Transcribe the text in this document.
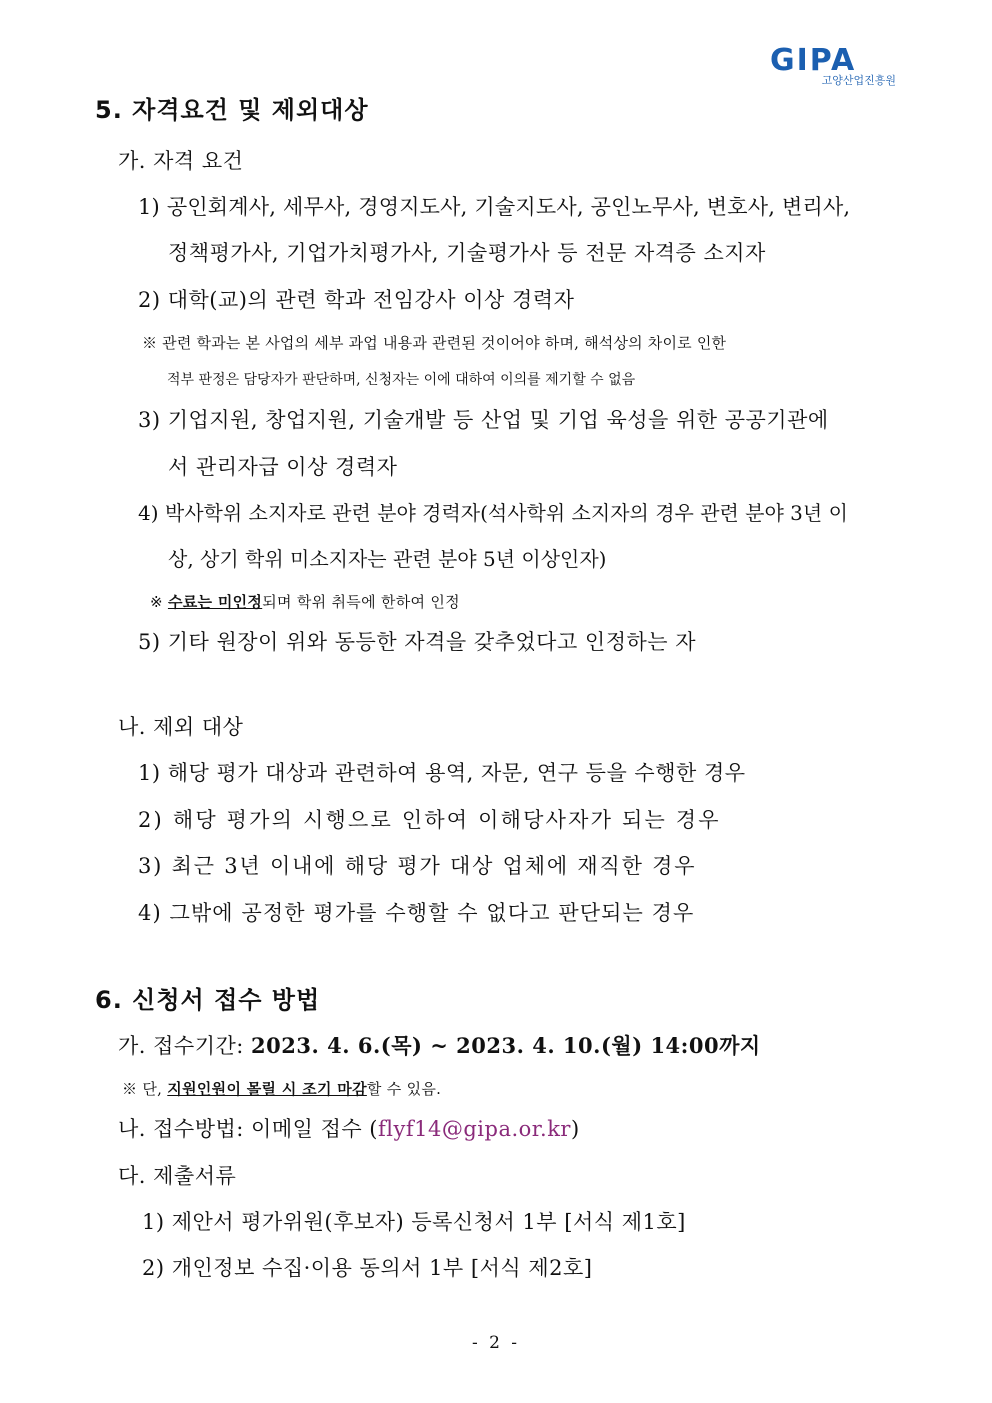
GIPA
고양산업진흥원
5. 자격요건 및 제외대상
가. 자격 요건
1) 공인회계사, 세무사, 경영지도사, 기술지도사, 공인노무사, 변호사, 변리사,
정책평가사, 기업가치평가사, 기술평가사 등 전문 자격증 소지자
2) 대학(교)의 관련 학과 전임강사 이상 경력자
※ 관련 학과는 본 사업의 세부 과업 내용과 관련된 것이어야 하며, 해석상의 차이로 인한
적부 판정은 담당자가 판단하며, 신청자는 이에 대하여 이의를 제기할 수 없음
3) 기업지원, 창업지원, 기술개발 등 산업 및 기업 육성을 위한 공공기관에
서 관리자급 이상 경력자
4) 박사학위 소지자로 관련 분야 경력자(석사학위 소지자의 경우 관련 분야 3년 이
상, 상기 학위 미소지자는 관련 분야 5년 이상인자)
※ 수료는 미인정되며 학위 취득에 한하여 인정
5) 기타 원장이 위와 동등한 자격을 갖추었다고 인정하는 자
나. 제외 대상
1) 해당 평가 대상과 관련하여 용역, 자문, 연구 등을 수행한 경우
2) 해당 평가의 시행으로 인하여 이해당사자가 되는 경우
3) 최근 3년 이내에 해당 평가 대상 업체에 재직한 경우
4) 그밖에 공정한 평가를 수행할 수 없다고 판단되는 경우
6. 신청서 접수 방법
가. 접수기간: 2023. 4. 6.(목) ~ 2023. 4. 10.(월) 14:00까지
※ 단, 지원인원이 몰릴 시 조기 마감할 수 있음.
나. 접수방법: 이메일 접수 (flyf14@gipa.or.kr)
다. 제출서류
1) 제안서 평가위원(후보자) 등록신청서 1부 [서식 제1호]
2) 개인정보 수집·이용 동의서 1부 [서식 제2호]
- 2 -
